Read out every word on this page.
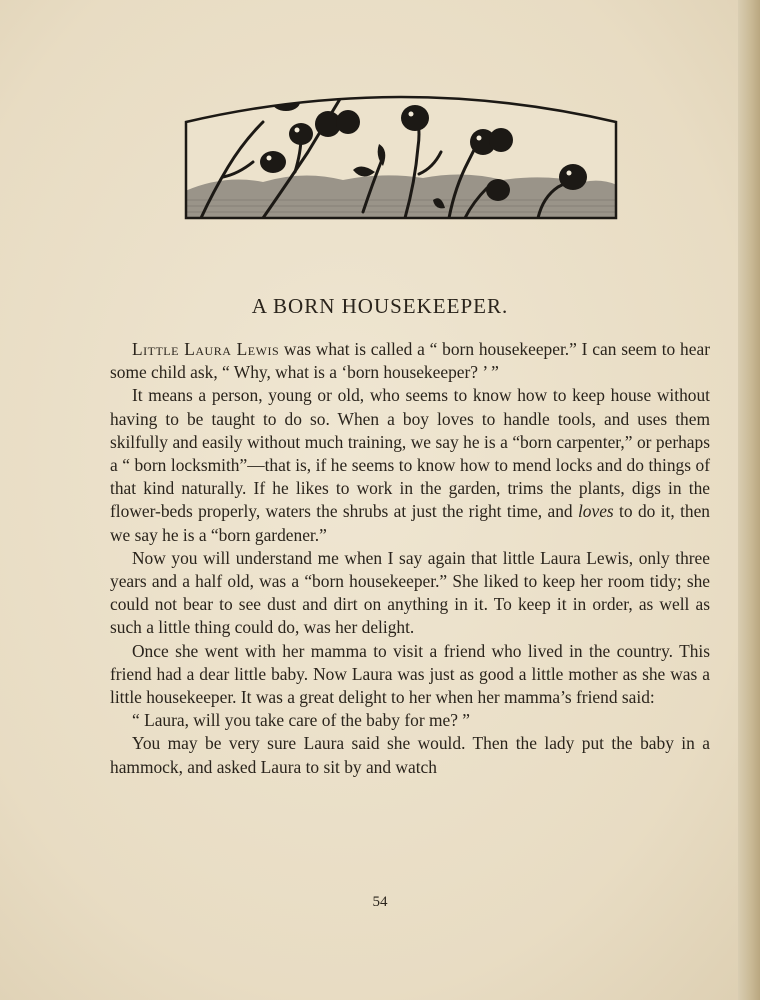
A BORN HOUSEKEEPER.

Little Laura Lewis was what is called a “ born housekeeper.” I can seem to hear some child ask, “ Why, what is a ‘born housekeeper? ’ ”

It means a person, young or old, who seems to know how to keep house without having to be taught to do so. When a boy loves to handle tools, and uses them skilfully and easily without much training, we say he is a “born carpenter,” or perhaps a “ born locksmith”—that is, if he seems to know how to mend locks and do things of that kind naturally. If he likes to work in the garden, trims the plants, digs in the flower-beds properly, waters the shrubs at just the right time, and loves to do it, then we say he is a “born gardener.”

Now you will understand me when I say again that little Laura Lewis, only three years and a half old, was a “born housekeeper.” She liked to keep her room tidy; she could not bear to see dust and dirt on anything in it. To keep it in order, as well as such a little thing could do, was her delight.

Once she went with her mamma to visit a friend who lived in the country. This friend had a dear little baby. Now Laura was just as good a little mother as she was a little housekeeper. It was a great delight to her when her mamma’s friend said:

“ Laura, will you take care of the baby for me? ”

You may be very sure Laura said she would. Then the lady put the baby in a hammock, and asked Laura to sit by and watch

54
